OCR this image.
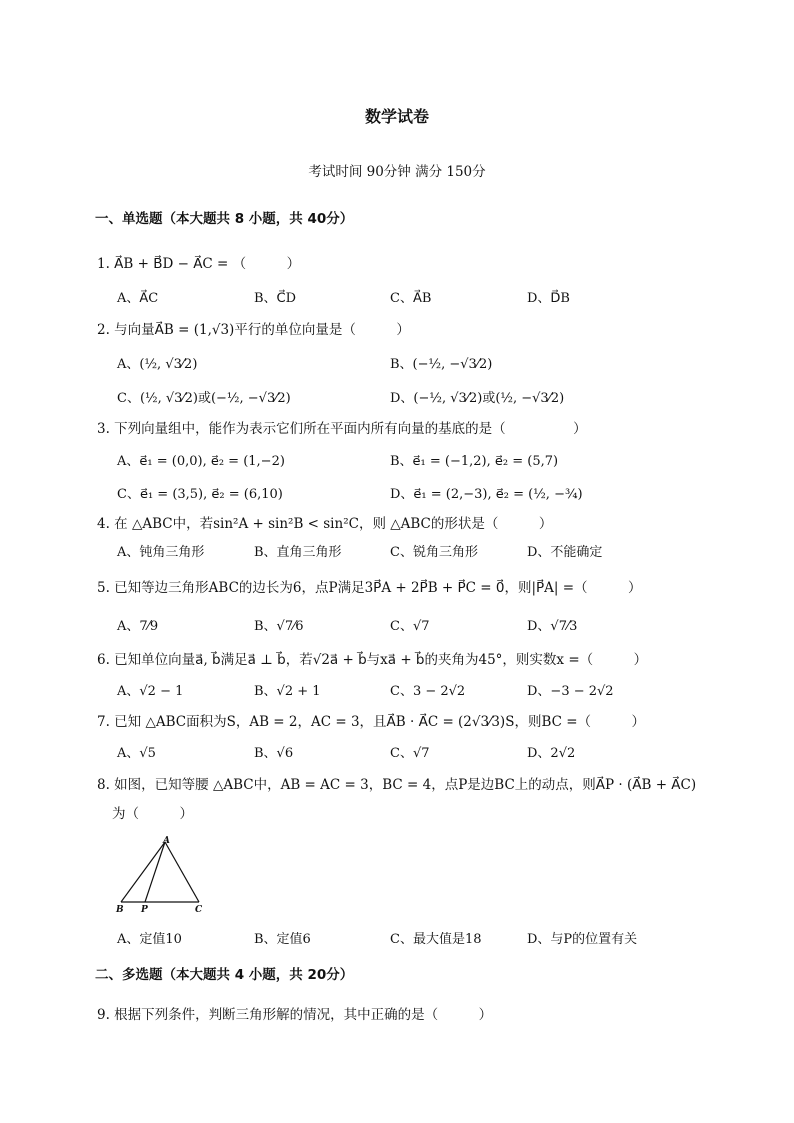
数学试卷
考试时间 90分钟 满分 150分
一、单选题（本大题共 8 小题，共 40分）
1. A⃗B + B⃗D − A⃗C = （　　　）
A、A⃗C	B、C⃗D	C、A⃗B	D、D⃗B
2. 与向量A⃗B = (1,√3)平行的单位向量是（　　　）
A、(½, √3⁄2)	B、(−½, −√3⁄2)
C、(½, √3⁄2)或(−½, −√3⁄2)	D、(−½, √3⁄2)或(½, −√3⁄2)
3. 下列向量组中，能作为表示它们所在平面内所有向量的基底的是（　　　　　）
A、e⃗₁ = (0,0), e⃗₂ = (1,−2)	B、e⃗₁ = (−1,2), e⃗₂ = (5,7)
C、e⃗₁ = (3,5), e⃗₂ = (6,10)	D、e⃗₁ = (2,−3), e⃗₂ = (½, −¾)
4. 在 △ABC中，若sin²A + sin²B < sin²C，则 △ABC的形状是（　　　）
A、钝角三角形	B、直角三角形	C、锐角三角形	D、不能确定
5. 已知等边三角形ABC的边长为6，点P满足3P⃗A + 2P⃗B + P⃗C = 0⃗，则|P⃗A| =（　　　）
A、7⁄9	B、√7⁄6	C、√7	D、√7⁄3
6. 已知单位向量a⃗, b⃗满足a⃗ ⊥ b⃗，若√2a⃗ + b⃗与xa⃗ + b⃗的夹角为45°，则实数x =（　　　）
A、√2 − 1	B、√2 + 1	C、3 − 2√2	D、−3 − 2√2
7. 已知 △ABC面积为S，AB = 2，AC = 3，且A⃗B · A⃗C = (2√3⁄3)S，则BC =（　　　）
A、√5	B、√6	C、√7	D、2√2
8. 如图，已知等腰 △ABC中，AB = AC = 3，BC = 4，点P是边BC上的动点，则A⃗P · (A⃗B + A⃗C)
为（　　　）
A
B P	C
A、定值10	B、定值6	C、最大值是18	D、与P的位置有关
二、多选题（本大题共 4 小题，共 20分）
9. 根据下列条件，判断三角形解的情况，其中正确的是（　　　）
